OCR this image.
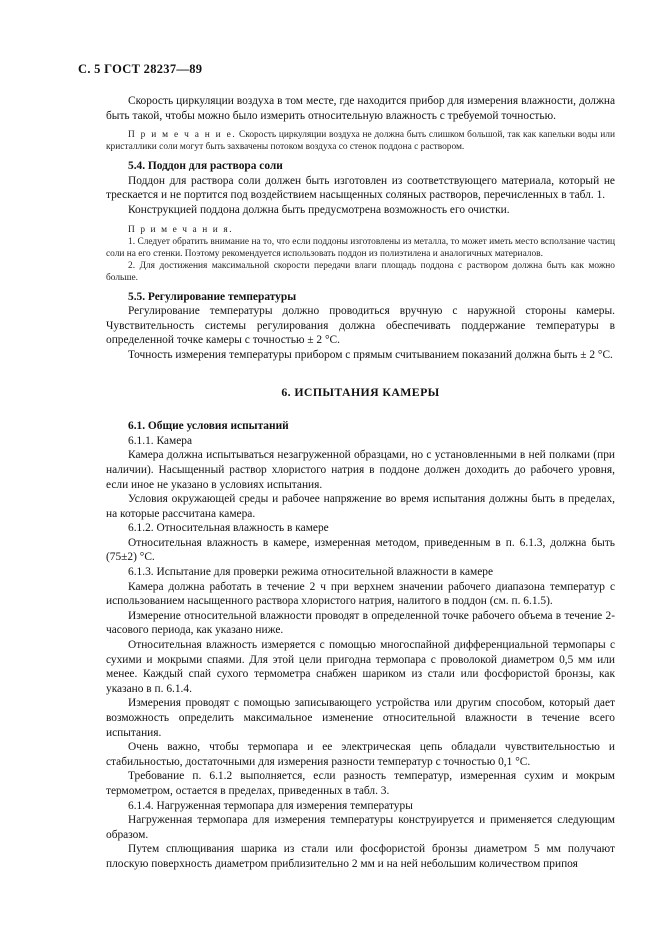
С. 5 ГОСТ 28237—89

Скорость циркуляции воздуха в том месте, где находится прибор для измерения влажности, должна быть такой, чтобы можно было измерить относительную влажность с требуемой точностью.

П р и м е ч а н и е. Скорость циркуляции воздуха не должна быть слишком большой, так как капельки воды или кристаллики соли могут быть захвачены потоком воздуха со стенок поддона с раствором.

5.4. Поддон для раствора соли

Поддон для раствора соли должен быть изготовлен из соответствующего материала, который не трескается и не портится под воздействием насыщенных соляных растворов, перечисленных в табл. 1.

Конструкцией поддона должна быть предусмотрена возможность его очистки.

П р и м е ч а н и я.

1. Следует обратить внимание на то, что если поддоны изготовлены из металла, то может иметь место всползание частиц соли на его стенки. Поэтому рекомендуется использовать поддон из полиэтилена и аналогичных материалов.

2. Для достижения максимальной скорости передачи влаги площадь поддона с раствором должна быть как можно больше.

5.5. Регулирование температуры

Регулирование температуры должно проводиться вручную с наружной стороны камеры. Чувствительность системы регулирования должна обеспечивать поддержание температуры в определенной точке камеры с точностью ± 2 °С.

Точность измерения температуры прибором с прямым считыванием показаний должна быть ± 2 °С.

6. ИСПЫТАНИЯ КАМЕРЫ

6.1. Общие условия испытаний

6.1.1. Камера

Камера должна испытываться незагруженной образцами, но с установленными в ней полками (при наличии). Насыщенный раствор хлористого натрия в поддоне должен доходить до рабочего уровня, если иное не указано в условиях испытания.

Условия окружающей среды и рабочее напряжение во время испытания должны быть в пределах, на которые рассчитана камера.

6.1.2. Относительная влажность в камере

Относительная влажность в камере, измеренная методом, приведенным в п. 6.1.3, должна быть (75±2) °С.

6.1.3. Испытание для проверки режима относительной влажности в камере

Камера должна работать в течение 2 ч при верхнем значении рабочего диапазона температур с использованием насыщенного раствора хлористого натрия, налитого в поддон (см. п. 6.1.5).

Измерение относительной влажности проводят в определенной точке рабочего объема в течение 2-часового периода, как указано ниже.

Относительная влажность измеряется с помощью многоспайной дифференциальной термопары с сухими и мокрыми спаями. Для этой цели пригодна термопара с проволокой диаметром 0,5 мм или менее. Каждый спай сухого термометра снабжен шариком из стали или фосфористой бронзы, как указано в п. 6.1.4.

Измерения проводят с помощью записывающего устройства или другим способом, который дает возможность определить максимальное изменение относительной влажности в течение всего испытания.

Очень важно, чтобы термопара и ее электрическая цепь обладали чувствительностью и стабильностью, достаточными для измерения разности температур с точностью 0,1 °С.

Требование п. 6.1.2 выполняется, если разность температур, измеренная сухим и мокрым термометром, остается в пределах, приведенных в табл. 3.

6.1.4. Нагруженная термопара для измерения температуры

Нагруженная термопара для измерения температуры конструируется и применяется следующим образом.

Путем сплющивания шарика из стали или фосфористой бронзы диаметром 5 мм получают плоскую поверхность диаметром приблизительно 2 мм и на ней небольшим количеством припоя
